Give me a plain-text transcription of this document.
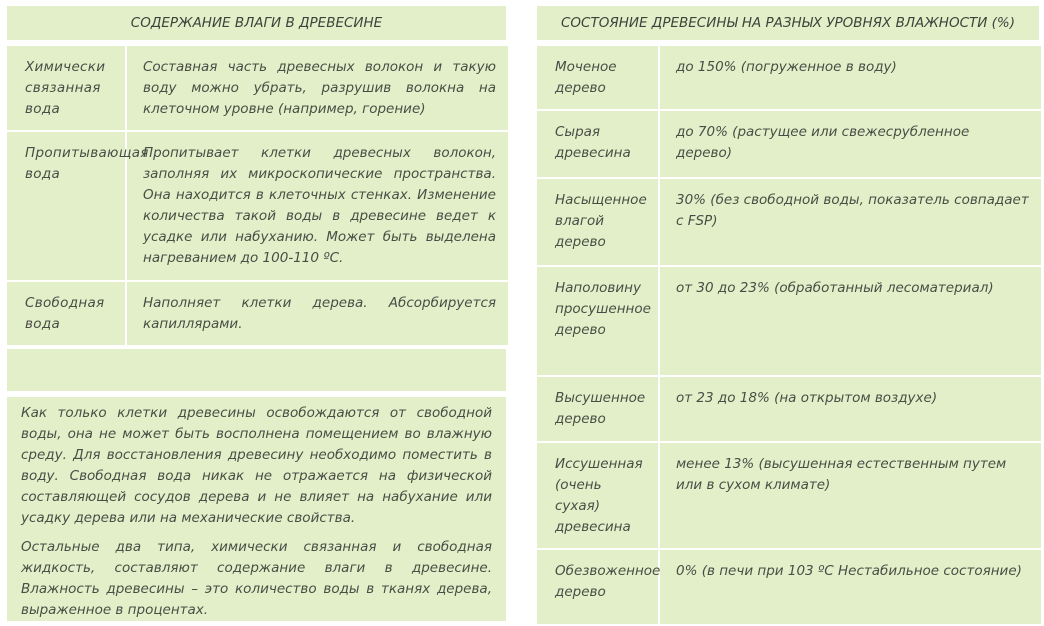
СОДЕРЖАНИЕ ВЛАГИ В ДРЕВЕСИНЕ
Химически связанная вода	Составная часть древесных волокон и такую воду можно убрать, разрушив волокна на клеточном уровне (например, горение)
Пропитывающая вода	Пропитывает клетки древесных волокон, заполняя их микроскопические пространства. Она находится в клеточных стенках. Изменение количества такой воды в древесине ведет к усадке или набуханию. Может быть выделена нагреванием до 100-110 ºС.
Свободная вода	Наполняет клетки дерева. Абсорбируется капиллярами.

Как только клетки древесины освобождаются от свободной воды, она не может быть восполнена помещением во влажную среду. Для восстановления древесину необходимо поместить в воду. Свободная вода никак не отражается на физической составляющей сосудов дерева и не влияет на набухание или усадку дерева или на механические свойства.

Остальные два типа, химически связанная и свободная жидкость, составляют содержание влаги в древесине. Влажность древесины – это количество воды в тканях дерева, выраженное в процентах.

СОСТОЯНИЕ ДРЕВЕСИНЫ НА РАЗНЫХ УРОВНЯХ ВЛАЖНОСТИ (%)
Моченое дерево	до 150% (погруженное в воду)
Сырая древесина	до 70% (растущее или свежесрубленное дерево)
Насыщенное влагой дерево	30% (без свободной воды, показатель совпадает с FSP)
Наполовину просушенное дерево	от 30 до 23% (обработанный лесоматериал)
Высушенное дерево	от 23 до 18% (на открытом воздухе)
Иссушенная (очень сухая) древесина	менее 13% (высушенная естественным путем или в сухом климате)
Обезвоженное дерево	0% (в печи при 103 ºС Нестабильное состояние)
